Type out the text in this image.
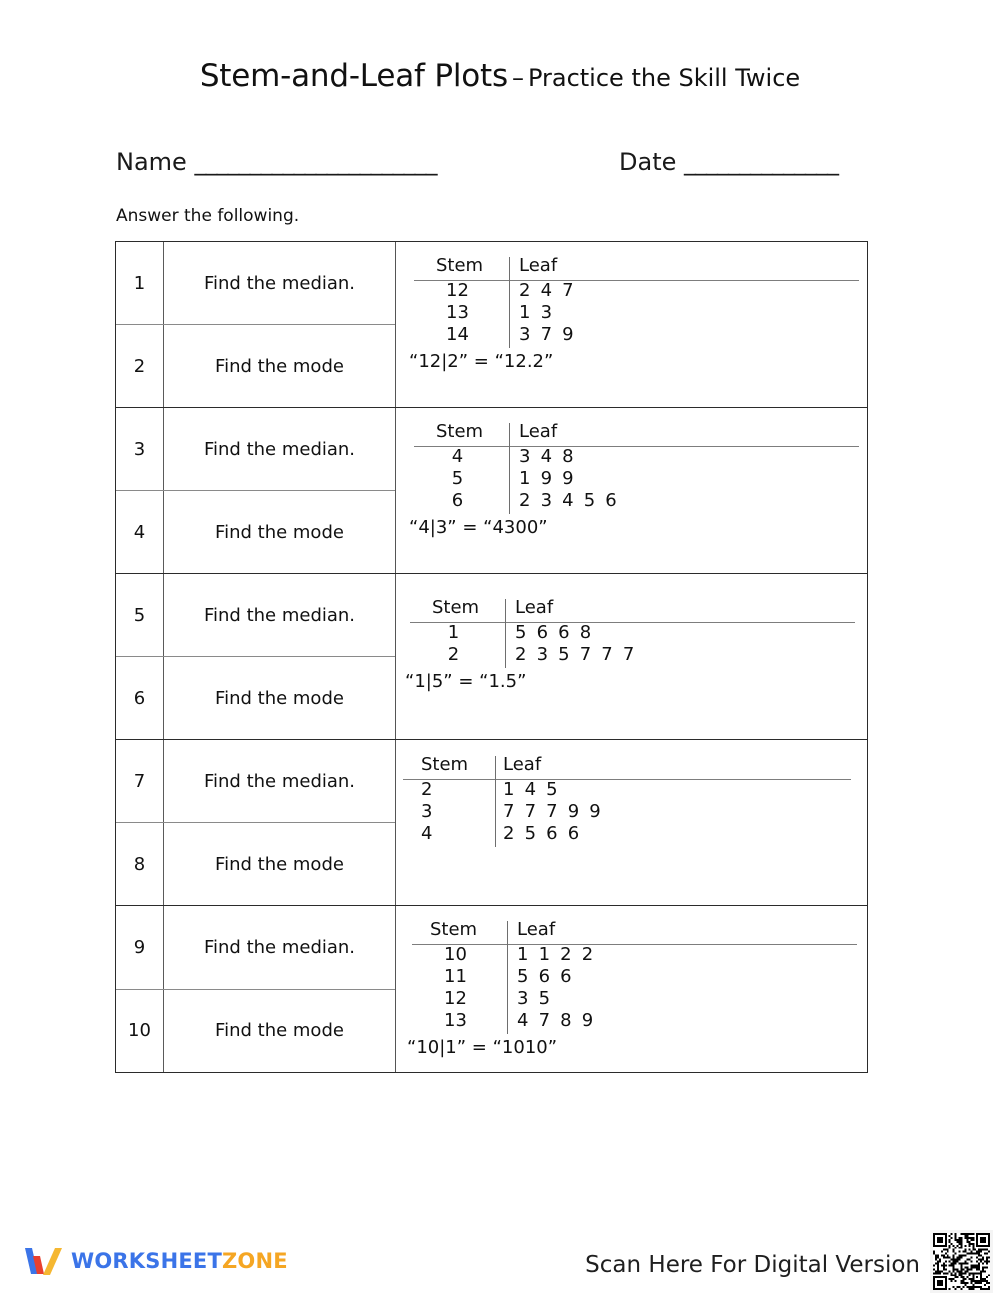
Stem-and-Leaf Plots – Practice the Skill Twice
Name ______________________	Date ______________
Answer the following.
1	Find the median.
2	Find the mode
Stem Leaf
12	2 4 7
13	1 3
14	3 7 9
“12|2” = “12.2”
3	Find the median.
4	Find the mode
Stem Leaf
4	3 4 8
5	1 9 9
6	2 3 4 5 6
“4|3” = “4300”
5	Find the median.
6	Find the mode
Stem Leaf
1	5 6 6 8
2	2 3 5 7 7 7
“1|5” = “1.5”
7	Find the median.
8	Find the mode
Stem Leaf
2	1 4 5
3	7 7 7 9 9
4	2 5 6 6
9	Find the median.
10	Find the mode
Stem Leaf
10	1 1 2 2
11	5 6 6
12	3 5
13	4 7 8 9
“10|1” = “1010”
WORKSHEETZONE	Scan Here For Digital Version
